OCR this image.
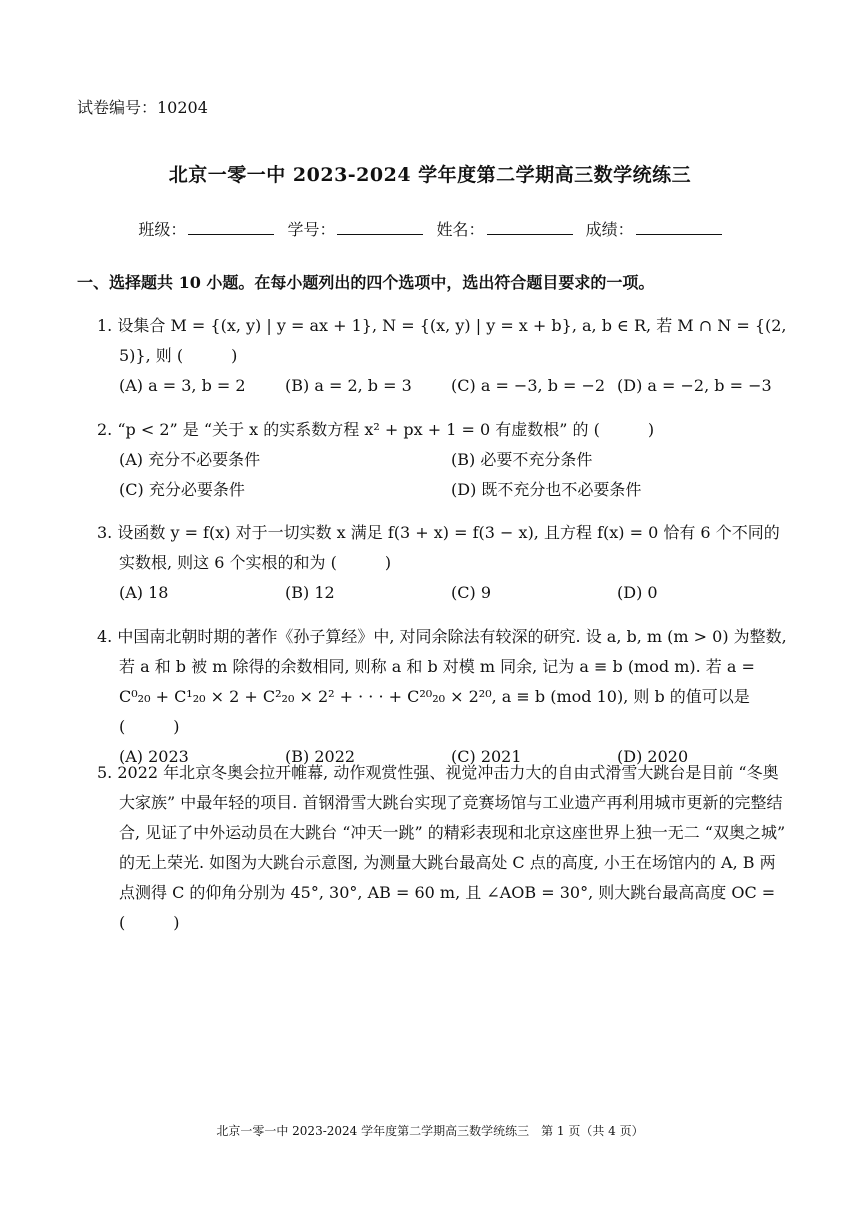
试卷编号：10204
北京一零一中 2023-2024 学年度第二学期高三数学统练三
班级：	学号：	姓名：	成绩：
一、选择题共 10 小题。在每小题列出的四个选项中，选出符合题目要求的一项。
1. 设集合 M = {(x, y) | y = ax + 1}, N = {(x, y) | y = x + b}, a, b ∈ R, 若 M ∩ N = {(2, 5)}, 则 (　　　)
(A) a = 3, b = 2	(B) a = 2, b = 3	(C) a = −3, b = −2 (D) a = −2, b = −3
2. “p < 2” 是 “关于 x 的实系数方程 x² + px + 1 = 0 有虚数根” 的 (　　　)
(A) 充分不必要条件	(B) 必要不充分条件
(C) 充分必要条件	(D) 既不充分也不必要条件
3. 设函数 y = f(x) 对于一切实数 x 满足 f(3 + x) = f(3 − x), 且方程 f(x) = 0 恰有 6 个不同的实数根, 则这 6 个实根的和为 (　　　)
(A) 18	(B) 12	(C) 9	(D) 0
4. 中国南北朝时期的著作《孙子算经》中, 对同余除法有较深的研究. 设 a, b, m (m > 0) 为整数, 若 a 和 b 被 m 除得的余数相同, 则称 a 和 b 对模 m 同余, 记为 a ≡ b (mod m). 若 a = C⁰₂₀ + C¹₂₀ × 2 + C²₂₀ × 2² + · · · + C²⁰₂₀ × 2²⁰, a ≡ b (mod 10), 则 b 的值可以是 (　　　)
(A) 2023	(B) 2022	(C) 2021	(D) 2020
5. 2022 年北京冬奥会拉开帷幕, 动作观赏性强、视觉冲击力大的自由式滑雪大跳台是目前 “冬奥大家族” 中最年轻的项目. 首钢滑雪大跳台实现了竞赛场馆与工业遗产再利用城市更新的完整结合, 见证了中外运动员在大跳台 “冲天一跳” 的精彩表现和北京这座世界上独一无二 “双奥之城” 的无上荣光. 如图为大跳台示意图, 为测量大跳台最高处 C 点的高度, 小王在场馆内的 A, B 两点测得 C 的仰角分别为 45°, 30°, AB = 60 m, 且 ∠AOB = 30°, 则大跳台最高高度 OC = (　　　)
北京一零一中 2023-2024 学年度第二学期高三数学统练三　第 1 页（共 4 页）
